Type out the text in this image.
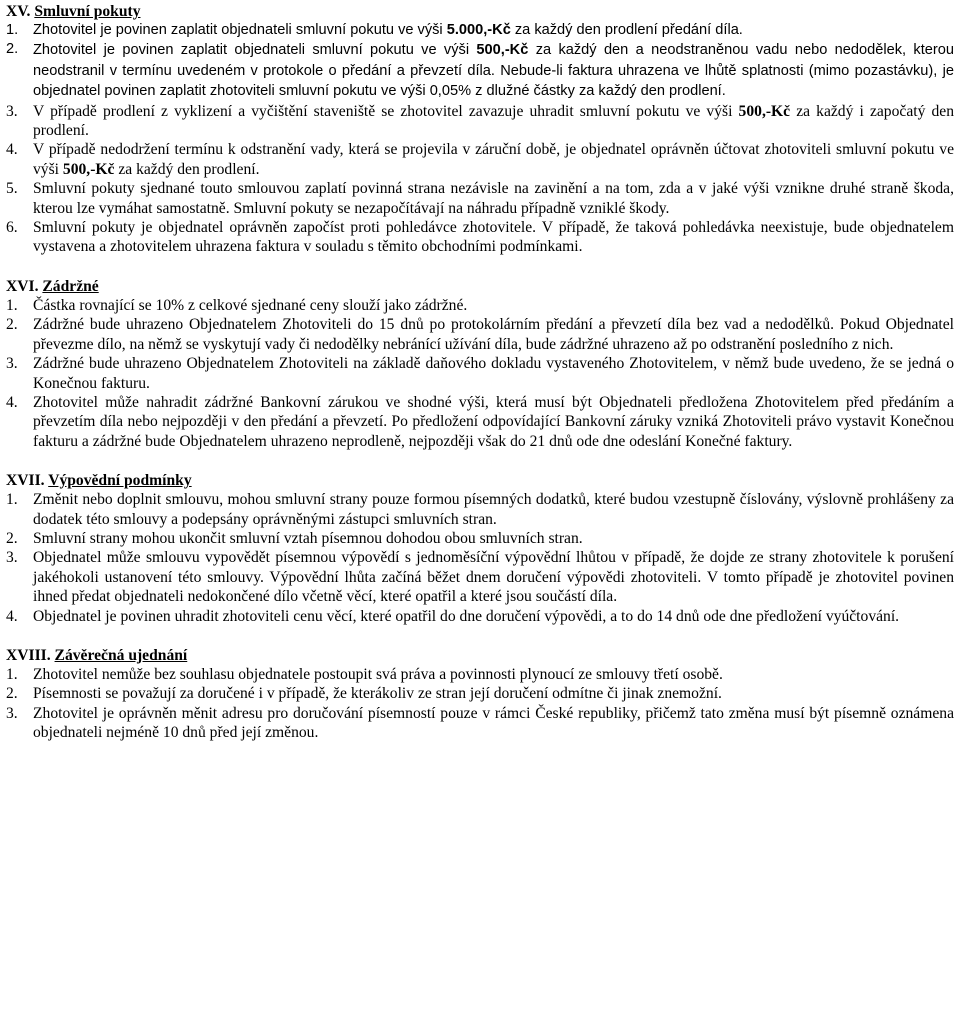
XV. Smluvní pokuty
1.	Zhotovitel je povinen zaplatit objednateli smluvní pokutu ve výši 5.000,-Kč za každý den prodlení předání díla.
2.	Zhotovitel je povinen zaplatit objednateli smluvní pokutu ve výši 500,-Kč za každý den a neodstraněnou vadu nebo nedodělek, kterou neodstranil v termínu uvedeném v protokole o předání a převzetí díla. Nebude-li faktura uhrazena ve lhůtě splatnosti (mimo pozastávku), je objednatel povinen zaplatit zhotoviteli smluvní pokutu ve výši 0,05% z dlužné částky za každý den prodlení.
3. V případě prodlení z vyklizení a vyčištění staveniště se zhotovitel zavazuje uhradit smluvní pokutu ve výši 500,-Kč za každý i započatý den prodlení.
4. V případě nedodržení termínu k odstranění vady, která se projevila v záruční době, je objednatel oprávněn účtovat zhotoviteli smluvní pokutu ve výši 500,-Kč za každý den prodlení.
5. Smluvní pokuty sjednané touto smlouvou zaplatí povinná strana nezávisle na zavinění a na tom, zda a v jaké výši vznikne druhé straně škoda, kterou lze vymáhat samostatně. Smluvní pokuty se nezapočítávají na náhradu případně vzniklé škody.
6. Smluvní pokuty je objednatel oprávněn započíst proti pohledávce zhotovitele. V případě, že taková pohledávka neexistuje, bude objednatelem vystavena a zhotovitelem uhrazena faktura v souladu s těmito obchodními podmínkami.
XVI. Zádržné
1. Částka rovnající se 10% z celkové sjednané ceny slouží jako zádržné.
2. Zádržné bude uhrazeno Objednatelem Zhotoviteli do 15 dnů po protokolárním předání a převzetí díla bez vad a nedodělků. Pokud Objednatel převezme dílo, na němž se vyskytují vady či nedodělky nebránící užívání díla, bude zádržné uhrazeno až po odstranění posledního z nich.
3. Zádržné bude uhrazeno Objednatelem Zhotoviteli na základě daňového dokladu vystaveného Zhotovitelem, v němž bude uvedeno, že se jedná o Konečnou fakturu.
4. Zhotovitel může nahradit zádržné Bankovní zárukou ve shodné výši, která musí být Objednateli předložena Zhotovitelem před předáním a převzetím díla nebo nejpozději v den předání a převzetí. Po předložení odpovídající Bankovní záruky vzniká Zhotoviteli právo vystavit Konečnou fakturu a zádržné bude Objednatelem uhrazeno neprodleně, nejpozději však do 21 dnů ode dne odeslání Konečné faktury.
XVII. Výpovědní podmínky
1. Změnit nebo doplnit smlouvu, mohou smluvní strany pouze formou písemných dodatků, které budou vzestupně číslovány, výslovně prohlášeny za dodatek této smlouvy a podepsány oprávněnými zástupci smluvních stran.
2. Smluvní strany mohou ukončit smluvní vztah písemnou dohodou obou smluvních stran.
3. Objednatel může smlouvu vypovědět písemnou výpovědí s jednoměsíční výpovědní lhůtou v případě, že dojde ze strany zhotovitele k porušení jakéhokoli ustanovení této smlouvy. Výpovědní lhůta začíná běžet dnem doručení výpovědi zhotoviteli. V tomto případě je zhotovitel povinen ihned předat objednateli nedokončené dílo včetně věcí, které opatřil a které jsou součástí díla.
4. Objednatel je povinen uhradit zhotoviteli cenu věcí, které opatřil do dne doručení výpovědi, a to do 14 dnů ode dne předložení vyúčtování.
XVIII. Závěrečná ujednání
1. Zhotovitel nemůže bez souhlasu objednatele postoupit svá práva a povinnosti plynoucí ze smlouvy třetí osobě.
2. Písemnosti se považují za doručené i v případě, že kterákoliv ze stran její doručení odmítne či jinak znemožní.
3. Zhotovitel je oprávněn měnit adresu pro doručování písemností pouze v rámci České republiky, přičemž tato změna musí být písemně oznámena objednateli nejméně 10 dnů před její změnou.
